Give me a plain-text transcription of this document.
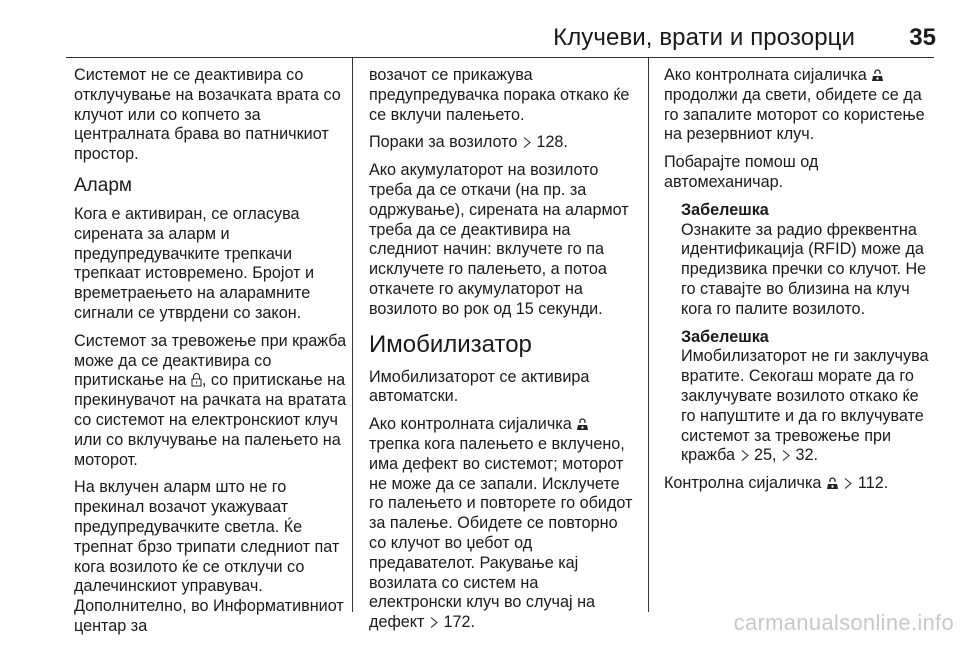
Клучеви, врати и прозорци 35

Системот не се деактивира со отклучување на возачката врата со клучот или со копчето за централната брава во патничкиот простор.

Аларм

Кога е активиран, се огласува сирената за аларм и предупредувачките трепкачи трепкаат истовремено. Бројот и времетраењето на аларамните сигнали се утврдени со закон.

Системот за тревожење при кражба може да се деактивира со притискање на , со притискање на прекинувачот на рачката на вратата со системот на електронскиот клуч или со вклучување на палењето на моторот.

На вклучен аларм што не го прекинал возачот укажуваат предупредувачките светла. Ќе трепнат брзо трипати следниот пат кога возилото ќе се отклучи со далечинскиот управувач. Дополнително, во Информативниот центар за

возачот се прикажува предупредувачка порака откако ќе се вклучи палењето.

Пораки за возилото  128.

Ако акумулаторот на возилото треба да се откачи (на пр. за одржување), сирената на алармот треба да се деактивира на следниот начин: вклучете го па исклучете го палењето, а потоа откачете го акумулаторот на возилото во рок од 15 секунди.

Имобилизатор

Имобилизаторот се активира автоматски.

Ако контролната сијаличка  трепка кога палењето е вклучено, има дефект во системот; моторот не може да се запали. Исклучете го палењето и повторете го обидот за палење. Обидете се повторно со клучот во џебот од предавателот. Ракување кај возилата со систем на електронски клуч во случај на дефект  172.

Ако контролната сијаличка  продолжи да свети, обидете се да го запалите моторот со користење на резервниот клуч.

Побарајте помош од автомеханичар.

Забелешка
Ознаките за радио фреквентна идентификација (RFID) може да предизвика пречки со клучот. Не го ставајте во близина на клуч кога го палите возилото.
Забелешка
Имобилизаторот не ги заклучува вратите. Секогаш морате да го заклучувате возилото откако ќе го напуштите и да го вклучувате системот за тревожење при кражба  25,  32.

Контролна сијаличка   112.

carmanualsonline.info
